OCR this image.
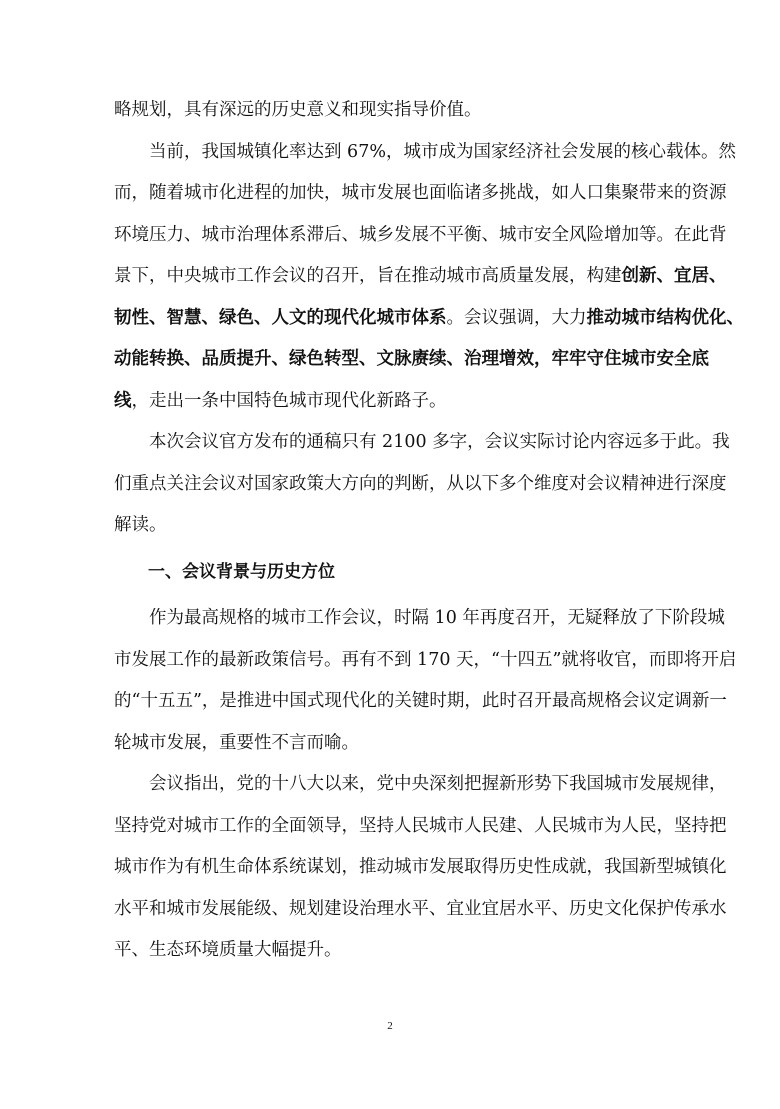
略规划，具有深远的历史意义和现实指导价值。
当前，我国城镇化率达到 67%，城市成为国家经济社会发展的核心载体。然
而，随着城市化进程的加快，城市发展也面临诸多挑战，如人口集聚带来的资源
环境压力、城市治理体系滞后、城乡发展不平衡、城市安全风险增加等。在此背
景下，中央城市工作会议的召开，旨在推动城市高质量发展，构建创新、宜居、
韧性、智慧、绿色、人文的现代化城市体系。会议强调，大力推动城市结构优化、
动能转换、品质提升、绿色转型、文脉赓续、治理增效，牢牢守住城市安全底
线，走出一条中国特色城市现代化新路子。
本次会议官方发布的通稿只有 2100 多字，会议实际讨论内容远多于此。我
们重点关注会议对国家政策大方向的判断，从以下多个维度对会议精神进行深度
解读。
一、会议背景与历史方位
作为最高规格的城市工作会议，时隔 10 年再度召开，无疑释放了下阶段城
市发展工作的最新政策信号。再有不到 170 天，“十四五”就将收官，而即将开启
的“十五五”，是推进中国式现代化的关键时期，此时召开最高规格会议定调新一
轮城市发展，重要性不言而喻。
会议指出，党的十八大以来，党中央深刻把握新形势下我国城市发展规律，
坚持党对城市工作的全面领导，坚持人民城市人民建、人民城市为人民，坚持把
城市作为有机生命体系统谋划，推动城市发展取得历史性成就，我国新型城镇化
水平和城市发展能级、规划建设治理水平、宜业宜居水平、历史文化保护传承水
平、生态环境质量大幅提升。
2
